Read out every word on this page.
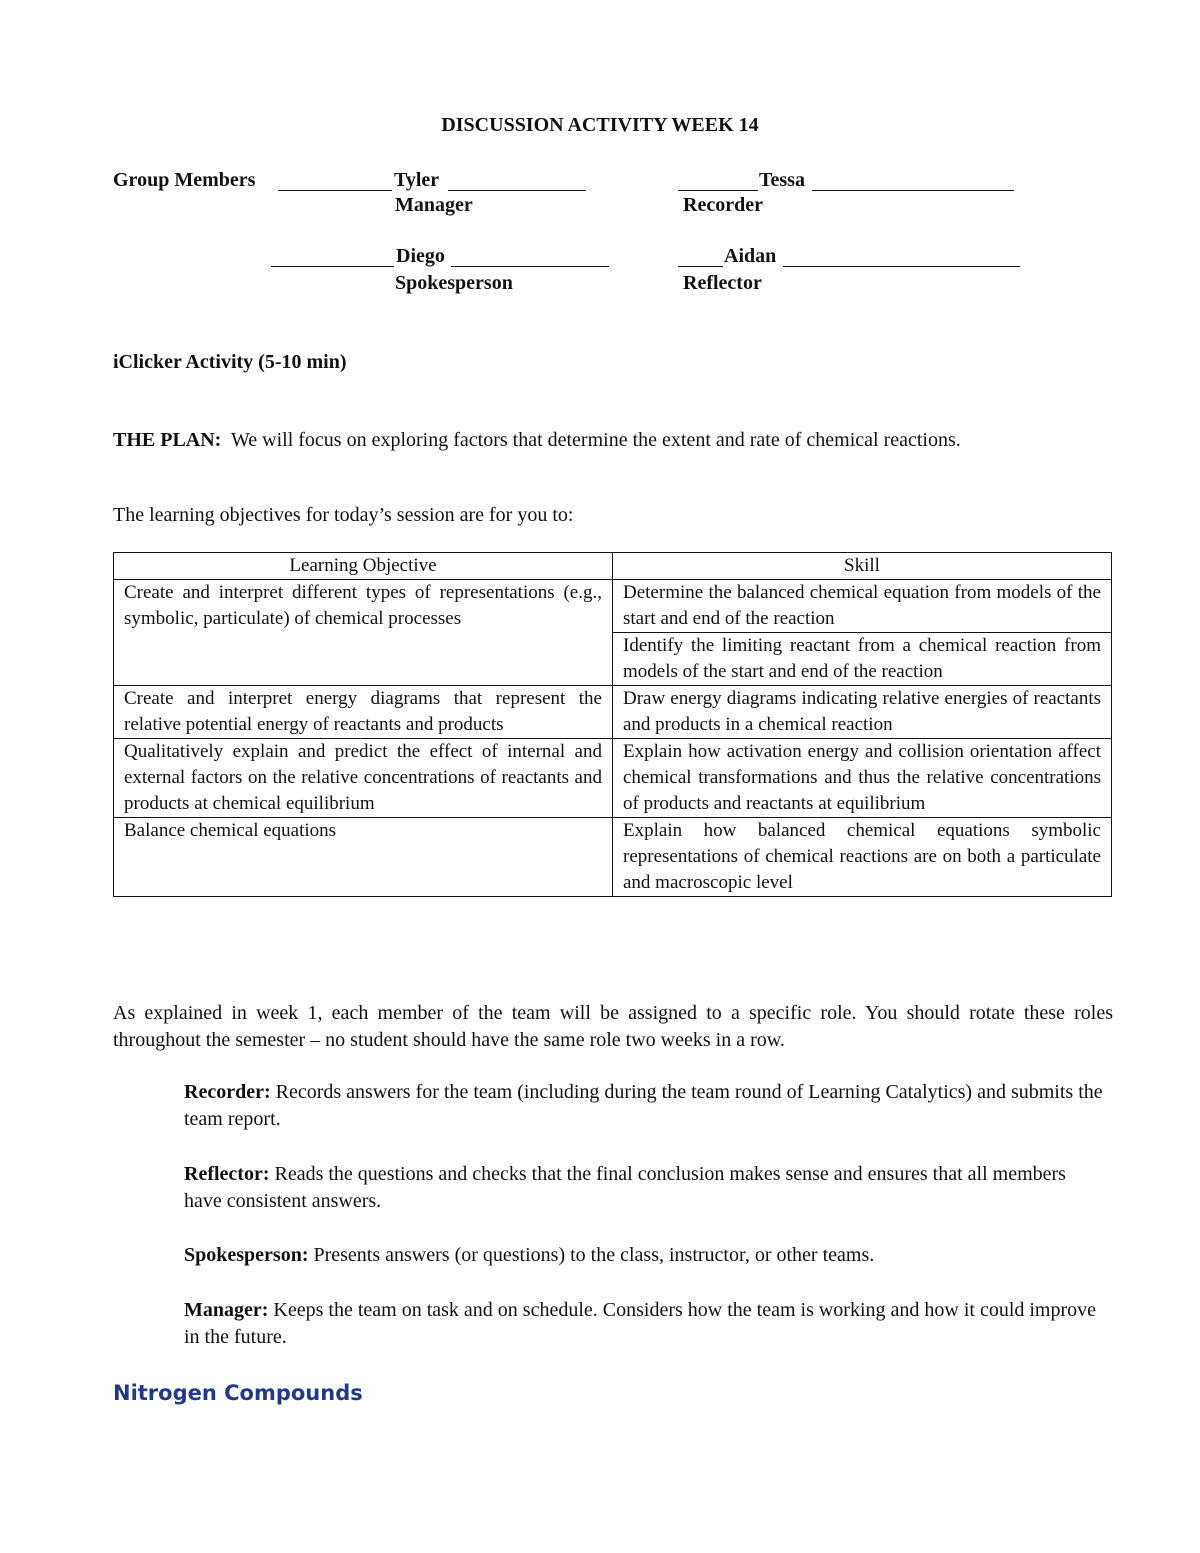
DISCUSSION ACTIVITY WEEK 14
Group Members	Tyler
Manager
Tessa
Recorder
Diego
Spokesperson
Aidan
Reflector
iClicker Activity (5-10 min)
THE PLAN: We will focus on exploring factors that determine the extent and rate of chemical reactions.
The learning objectives for today’s session are for you to:
Learning Objective	Skill
Create and interpret different types of representations (e.g., symbolic, particulate) of chemical processes	Determine the balanced chemical equation from models of the start and end of the reaction
	Identify the limiting reactant from a chemical reaction from models of the start and end of the reaction
Create and interpret energy diagrams that represent the relative potential energy of reactants and products	Draw energy diagrams indicating relative energies of reactants and products in a chemical reaction
Qualitatively explain and predict the effect of internal and external factors on the relative concentrations of reactants and products at chemical equilibrium	Explain how activation energy and collision orientation affect chemical transformations and thus the relative concentrations of products and reactants at equilibrium
Balance chemical equations	Explain how balanced chemical equations symbolic representations of chemical reactions are on both a particulate and macroscopic level
As explained in week 1, each member of the team will be assigned to a specific role. You should rotate these roles throughout the semester – no student should have the same role two weeks in a row.
Recorder: Records answers for the team (including during the team round of Learning Catalytics) and submits the team report.
Reflector: Reads the questions and checks that the final conclusion makes sense and ensures that all members have consistent answers.
Spokesperson: Presents answers (or questions) to the class, instructor, or other teams.
Manager: Keeps the team on task and on schedule. Considers how the team is working and how it could improve in the future.
Nitrogen Compounds
